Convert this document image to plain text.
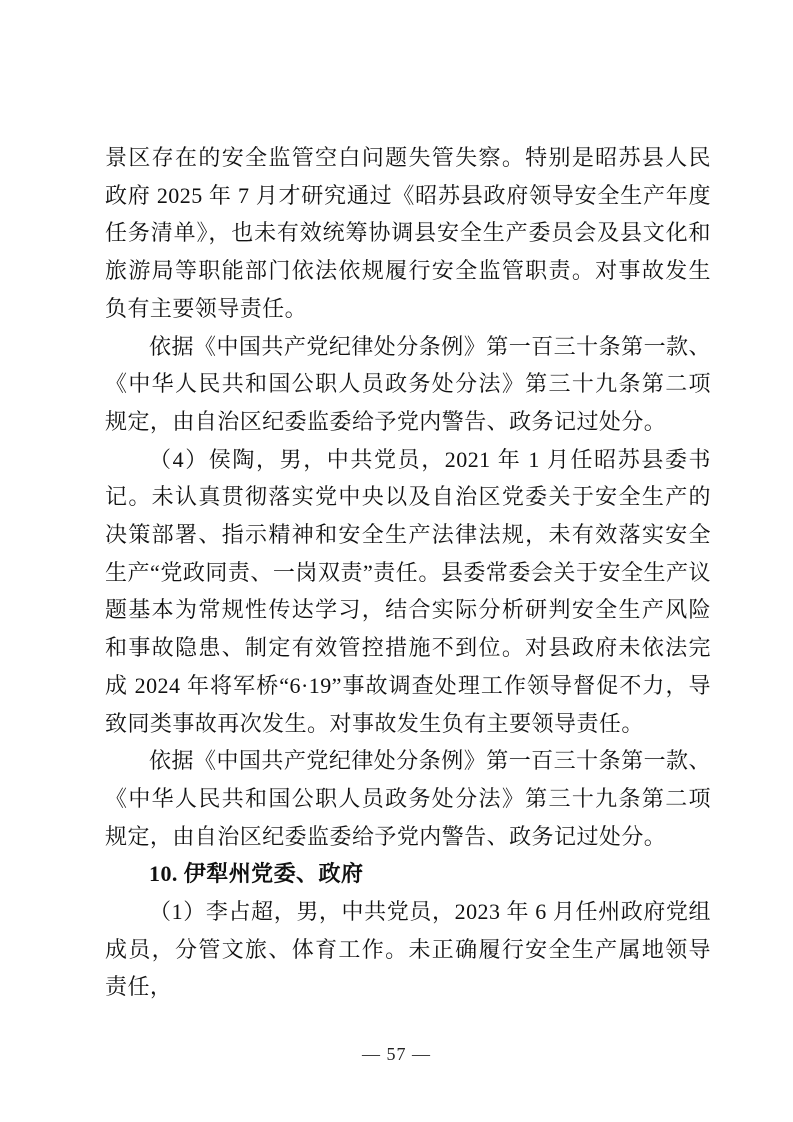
景区存在的安全监管空白问题失管失察。特别是昭苏县人民政府 2025 年 7 月才研究通过《昭苏县政府领导安全生产年度任务清单》，也未有效统筹协调县安全生产委员会及县文化和旅游局等职能部门依法依规履行安全监管职责。对事故发生负有主要领导责任。
依据《中国共产党纪律处分条例》第一百三十条第一款、《中华人民共和国公职人员政务处分法》第三十九条第二项规定，由自治区纪委监委给予党内警告、政务记过处分。
（4）侯陶，男，中共党员，2021 年 1 月任昭苏县委书记。未认真贯彻落实党中央以及自治区党委关于安全生产的决策部署、指示精神和安全生产法律法规，未有效落实安全生产“党政同责、一岗双责”责任。县委常委会关于安全生产议题基本为常规性传达学习，结合实际分析研判安全生产风险和事故隐患、制定有效管控措施不到位。对县政府未依法完成 2024 年将军桥“6·19”事故调查处理工作领导督促不力，导致同类事故再次发生。对事故发生负有主要领导责任。
依据《中国共产党纪律处分条例》第一百三十条第一款、《中华人民共和国公职人员政务处分法》第三十九条第二项规定，由自治区纪委监委给予党内警告、政务记过处分。
10. 伊犁州党委、政府
（1）李占超，男，中共党员，2023 年 6 月任州政府党组成员，分管文旅、体育工作。未正确履行安全生产属地领导责任，
— 57 —
